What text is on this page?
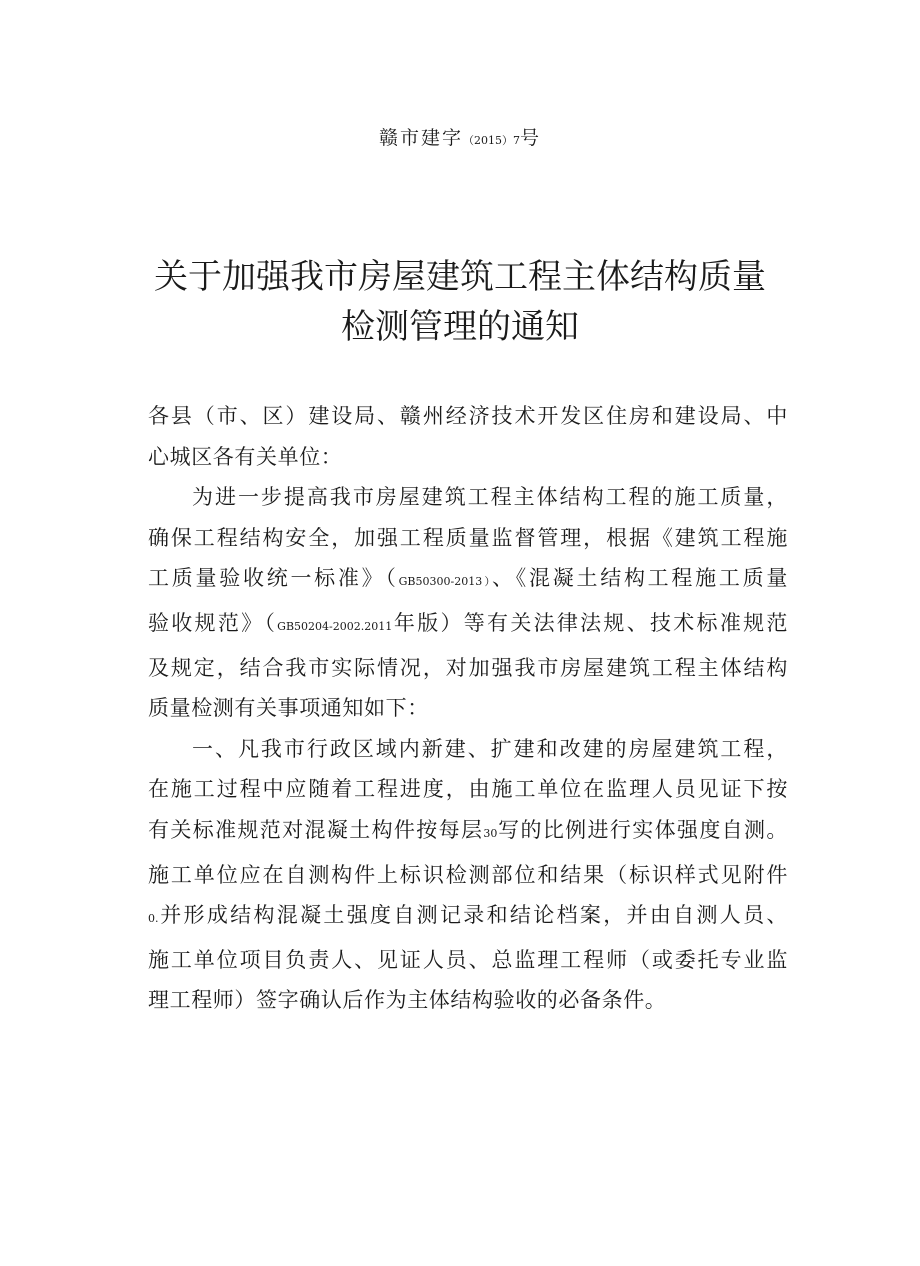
赣市建字（2015）7号
关于加强我市房屋建筑工程主体结构质量
检测管理的通知

各县（市、区）建设局、赣州经济技术开发区住房和建设局、中
心城区各有关单位：

为进一步提高我市房屋建筑工程主体结构工程的施工质量，
确保工程结构安全，加强工程质量监督管理，根据《建筑工程施
工质量验收统一标准》（GB50300-2013）、《混凝土结构工程施工质量
验收规范》（GB50204-2002.2011年版）等有关法律法规、技术标准规范
及规定，结合我市实际情况，对加强我市房屋建筑工程主体结构
质量检测有关事项通知如下：

一、凡我市行政区域内新建、扩建和改建的房屋建筑工程，
在施工过程中应随着工程进度，由施工单位在监理人员见证下按
有关标准规范对混凝土构件按每层30写的比例进行实体强度自测。
施工单位应在自测构件上标识检测部位和结果（标识样式见附件
0.并形成结构混凝土强度自测记录和结论档案，并由自测人员、
施工单位项目负责人、见证人员、总监理工程师（或委托专业监
理工程师）签字确认后作为主体结构验收的必备条件。
